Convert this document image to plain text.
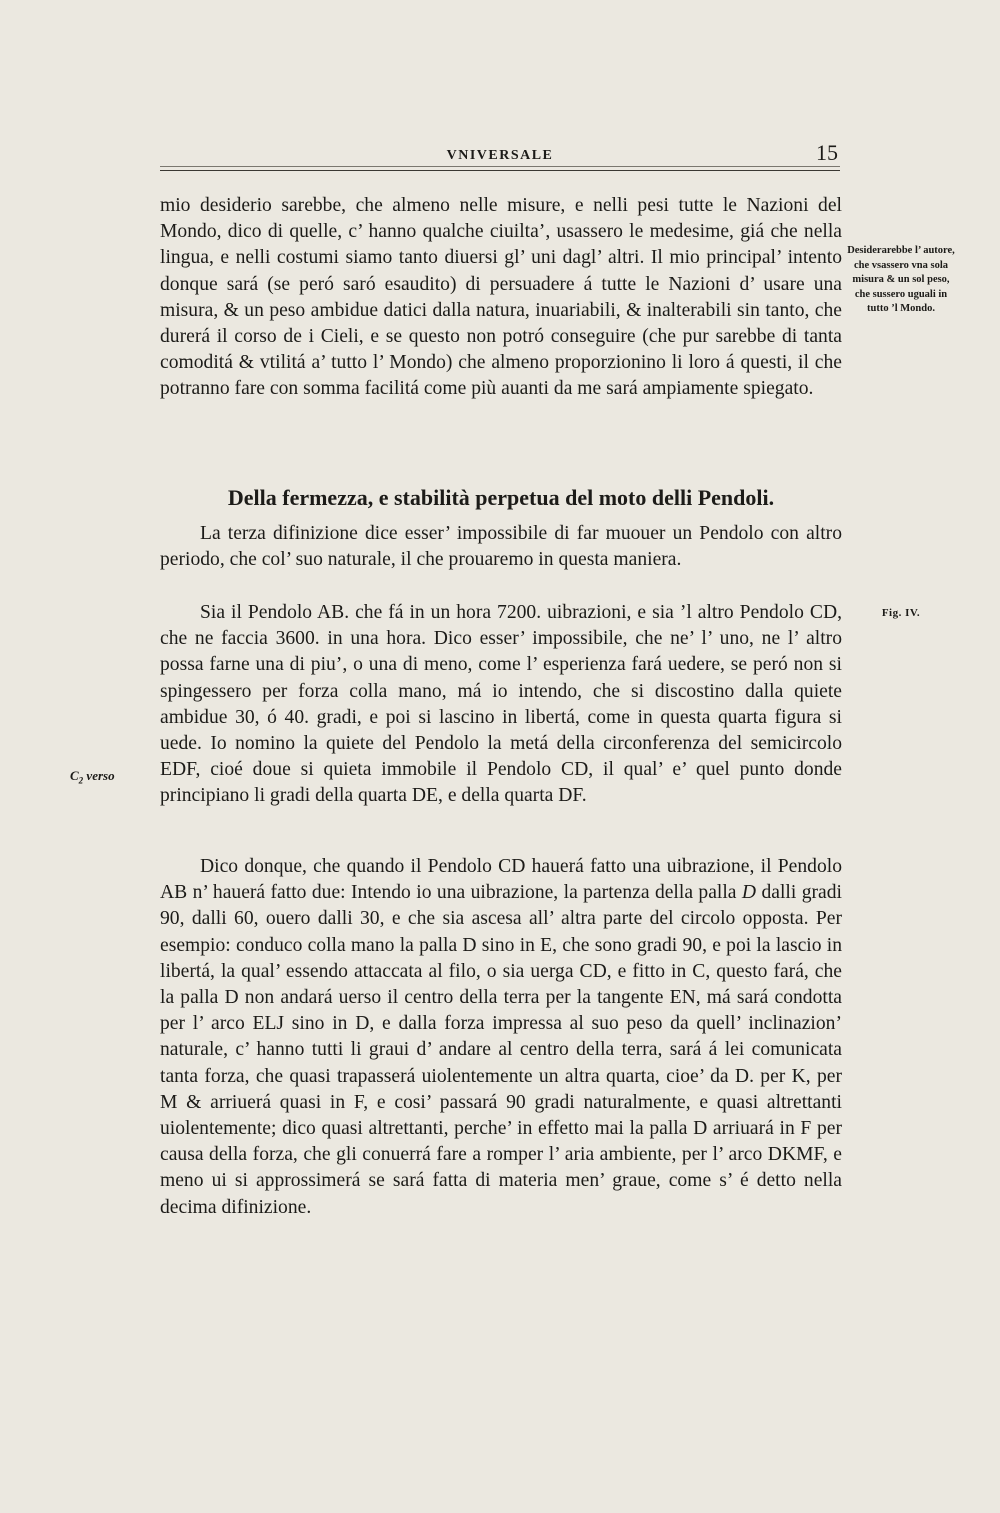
VNIVERSALE	15

mio desiderio sarebbe, che almeno nelle misure, e nelli pesi tutte le Nazioni del Mondo, dico di quelle, c’ hanno qualche ciuilta’, usassero le medesime, giá che nella lingua, e nelli costumi siamo tanto diuersi gl’ uni dagl’ altri. Il mio principal’ intento donque sará (se peró saró esaudito) di persuadere á tutte le Nazioni d’ usare una misura, & un peso ambidue datici dalla natura, inuariabili, & inalterabili sin tanto, che durerá il corso de i Cieli, e se questo non potró conseguire (che pur sarebbe di tanta comoditá & vtilitá a’ tutto l’ Mondo) che almeno proporzionino li loro á questi, il che potranno fare con somma facilitá come più auanti da me sará ampiamente spiegato.

Desiderarebbe l’ autore, che vsassero vna sola misura & un sol peso, che sussero uguali in tutto ’l Mondo.
Della fermezza, e stabilità perpetua del moto delli Pendoli.

La terza difinizione dice esser’ impossibile di far muouer un Pendolo con altro periodo, che col’ suo naturale, il che prouaremo in questa maniera.

Sia il Pendolo AB. che fá in un hora 7200. uibrazioni, e sia ’l altro Pendolo CD, che ne faccia 3600. in una hora. Dico esser’ impossibile, che ne’ l’ uno, ne l’ altro possa farne una di piu’, o una di meno, come l’ esperienza fará uedere, se peró non si spingessero per forza colla mano, má io intendo, che si discostino dalla quiete ambidue 30, ó 40. gradi, e poi si lascino in libertá, come in questa quarta figura si uede. Io nomino la quiete del Pendolo la metá della circonferenza del semicircolo EDF, cioé doue si quieta immobile il Pendolo CD, il qual’ e’ quel punto donde principiano li gradi della quarta DE, e della quarta DF.

Fig. IV.
$C_2$ verso

Dico donque, che quando il Pendolo CD hauerá fatto una uibrazione, il Pendolo AB n’ hauerá fatto due: Intendo io una uibrazione, la partenza della palla D dalli gradi 90, dalli 60, ouero dalli 30, e che sia ascesa all’ altra parte del circolo opposta. Per esempio: conduco colla mano la palla D sino in E, che sono gradi 90, e poi la lascio in libertá, la qual’ essendo attaccata al filo, o sia uerga CD, e fitto in C, questo fará, che la palla D non andará uerso il centro della terra per la tangente EN, má sará condotta per l’ arco ELJ sino in D, e dalla forza impressa al suo peso da quell’ inclinazion’ naturale, c’ hanno tutti li graui d’ andare al centro della terra, sará á lei comunicata tanta forza, che quasi trapasserá uiolentemente un altra quarta, cioe’ da D. per K, per M & arriuerá quasi in F, e cosi’ passará 90 gradi naturalmente, e quasi altrettanti uiolentemente; dico quasi altrettanti, perche’ in effetto mai la palla D arriuará in F per causa della forza, che gli conuerrá fare a romper l’ aria ambiente, per l’ arco DKMF, e meno ui si approssimerá se sará fatta di materia men’ graue, come s’ é detto nella decima difinizione.
